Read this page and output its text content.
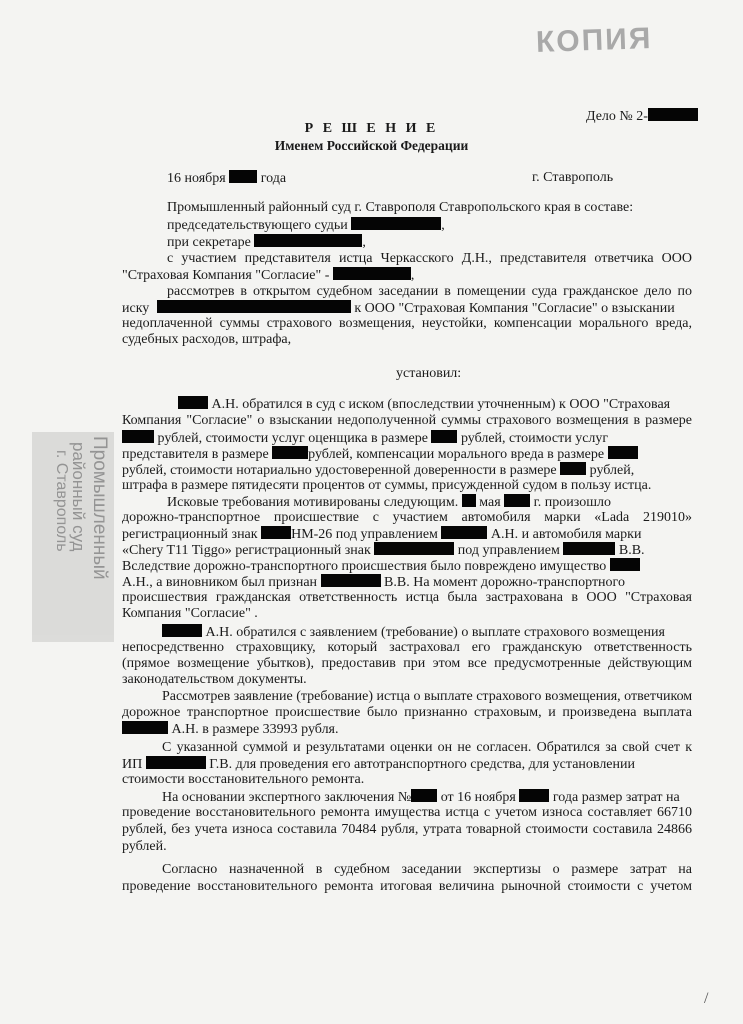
КОПИЯ
Промышленный
районный суд
г. Ставрополь
Дело № 2-
Р Е Ш Е Н И Е
Именем Российской Федерации
16 ноября	года	г. Ставрополь
Промышленный районный суд г. Ставрополя Ставропольского края в составе:
председательствующего судьи	,
при секретаре	,
с участием представителя истца Черкасского Д.Н., представителя ответчика ООО
"Страховая Компания "Согласие" -	,
рассмотрев в открытом судебном заседании в помещении суда гражданское дело по
иску	к ООО "Страховая Компания "Согласие" о взыскании
недоплаченной суммы страхового возмещения, неустойки, компенсации морального вреда,
судебных расходов, штрафа,
установил:
А.Н. обратился в суд с иском (впоследствии уточненным) к ООО "Страховая
Компания "Согласие" о взыскании недополученной суммы страхового возмещения в размере
рублей, стоимости услуг оценщика в размере рублей, стоимости услуг
представителя в размере	рублей, компенсации морального вреда в размере
рублей, стоимости нотариально удостоверенной доверенности в размере рублей,
штрафа в размере пятидесяти процентов от суммы, присужденной судом в пользу истца.
Исковые требования мотивированы следующим. мая г. произошло
дорожно-транспортное происшествие с участием автомобиля марки «Lada 219010»
регистрационный знак НМ-26 под управлением	А.Н. и автомобиля марки
«Chery T11 Tiggo» регистрационный знак	под управлением	В.В.
Вследствие дорожно-транспортного происшествия было повреждено имущество
А.Н., а виновником был признан	В.В. На момент дорожно-транспортного
происшествия гражданская ответственность истца была застрахована в ООО "Страховая
Компания "Согласие" .
А.Н. обратился с заявлением (требование) о выплате страхового возмещения
непосредственно страховщику, который застраховал его гражданскую ответственность
(прямое возмещение убытков), предоставив при этом все предусмотренные действующим
законодательством документы.
Рассмотрев заявление (требование) истца о выплате страхового возмещения, ответчиком
дорожное транспортное происшествие было признанно страховым, и произведена выплата
А.Н. в размере 33993 рубля.
С указанной суммой и результатами оценки он не согласен. Обратился за свой счет к
ИП	Г.В. для проведения его автотранспортного средства, для установлении
стоимости восстановительного ремонта.
На основании экспертного заключения № от 16 ноября	года размер затрат на
проведение восстановительного ремонта имущества истца с учетом износа составляет 66710
рублей, без учета износа составила 70484 рубля, утрата товарной стоимости составила 24866
рублей.
Согласно назначенной в судебном заседании экспертизы о размере затрат на
проведение восстановительного ремонта итоговая величина рыночной стоимости с учетом
/
